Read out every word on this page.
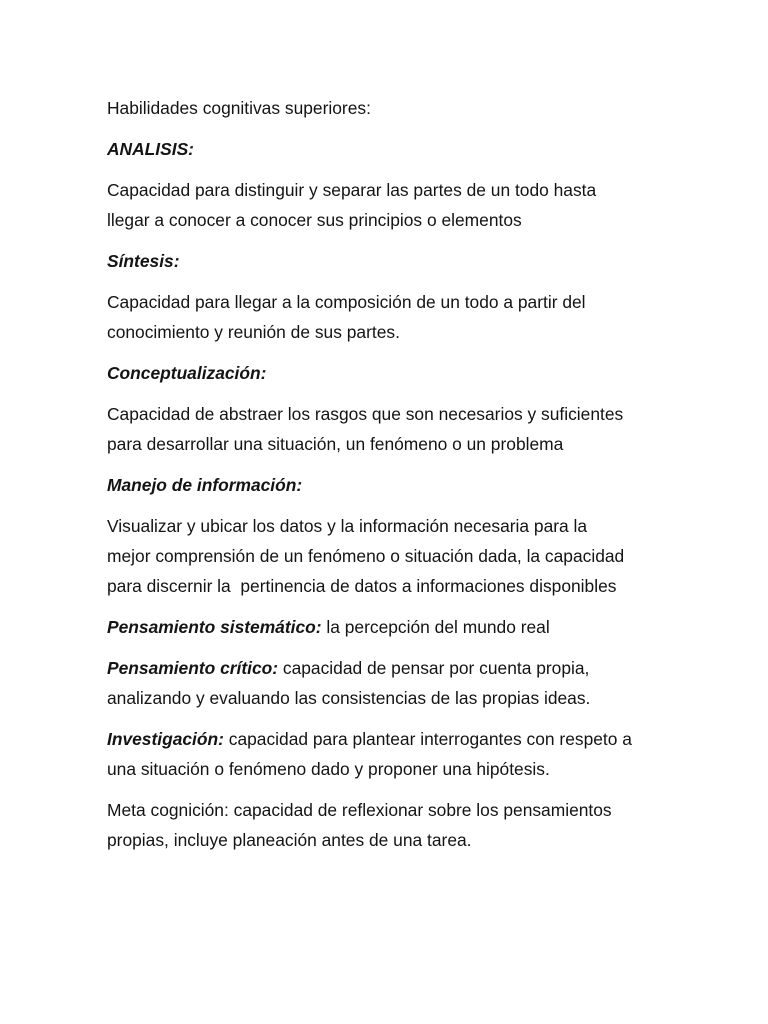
Habilidades cognitivas superiores:

ANALISIS:

Capacidad para distinguir y separar las partes de un todo hasta
llegar a conocer a conocer sus principios o elementos

Síntesis:

Capacidad para llegar a la composición de un todo a partir del
conocimiento y reunión de sus partes.

Conceptualización:

Capacidad de abstraer los rasgos que son necesarios y suficientes
para desarrollar una situación, un fenómeno o un problema

Manejo de información:

Visualizar y ubicar los datos y la información necesaria para la
mejor comprensión de un fenómeno o situación dada, la capacidad
para discernir la  pertinencia de datos a informaciones disponibles

Pensamiento sistemático: la percepción del mundo real

Pensamiento crítico: capacidad de pensar por cuenta propia,
analizando y evaluando las consistencias de las propias ideas.

Investigación: capacidad para plantear interrogantes con respeto a
una situación o fenómeno dado y proponer una hipótesis.

Meta cognición: capacidad de reflexionar sobre los pensamientos
propias, incluye planeación antes de una tarea.
